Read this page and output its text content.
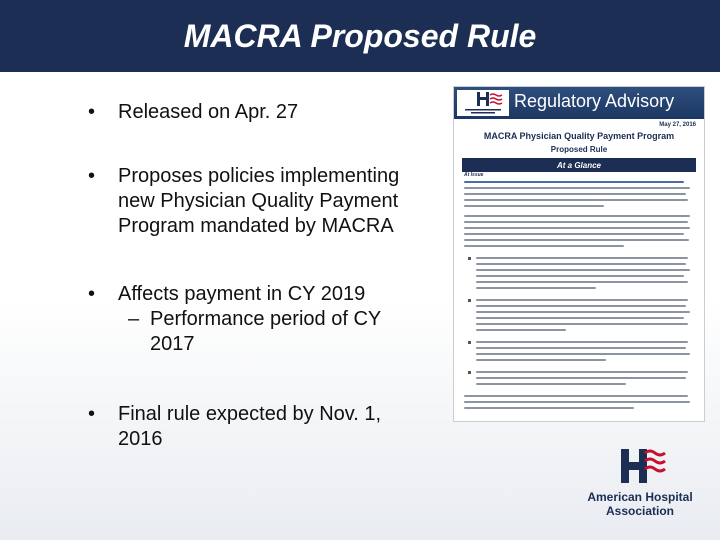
MACRA Proposed Rule
•	Released on Apr. 27
•	Proposes policies implementing new Physician Quality Payment Program mandated by MACRA
•	Affects payment in CY 2019
– Performance period of CY 2017
•	Final rule expected by Nov. 1, 2016
Regulatory Advisory
May 27, 2016
MACRA Physician Quality Payment Program
Proposed Rule
At a Glance
At Issue
American Hospital
Association
